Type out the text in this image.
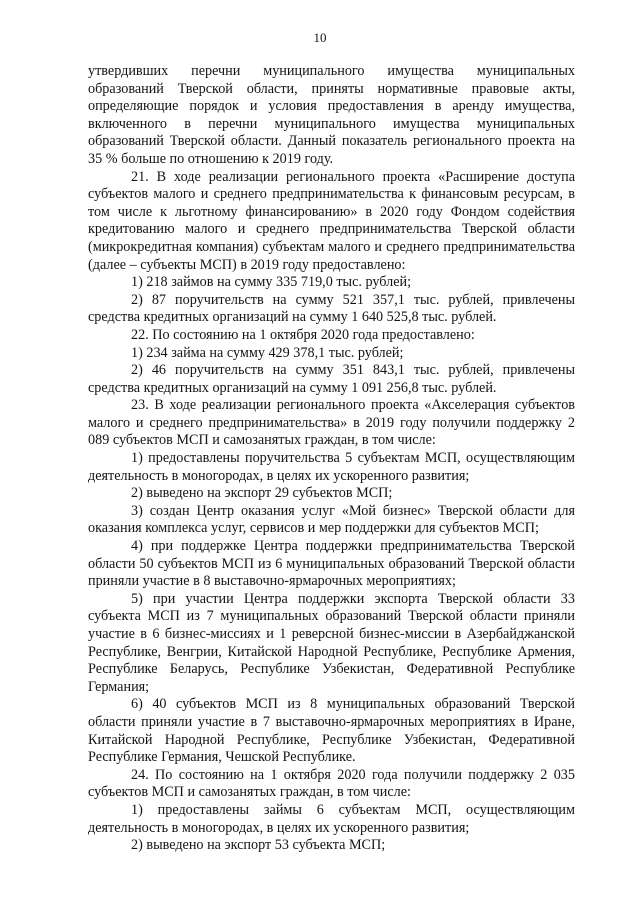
10

утвердивших перечни муниципального имущества муниципальных образований Тверской области, приняты нормативные правовые акты, определяющие порядок и условия предоставления в аренду имущества, включенного в перечни муниципального имущества муниципальных образований Тверской области. Данный показатель регионального проекта на 35 % больше по отношению к 2019 году.

21. В ходе реализации регионального проекта «Расширение доступа субъектов малого и среднего предпринимательства к финансовым ресурсам, в том числе к льготному финансированию» в 2020 году Фондом содействия кредитованию малого и среднего предпринимательства Тверской области (микрокредитная компания) субъектам малого и среднего предпринимательства (далее – субъекты МСП) в 2019 году предоставлено:

1) 218 займов на сумму 335 719,0 тыс. рублей;

2) 87 поручительств на сумму 521 357,1 тыс. рублей, привлечены средства кредитных организаций на сумму 1 640 525,8 тыс. рублей.

22. По состоянию на 1 октября 2020 года предоставлено:

1) 234 займа на сумму 429 378,1 тыс. рублей;

2) 46 поручительств на сумму 351 843,1 тыс. рублей, привлечены средства кредитных организаций на сумму 1 091 256,8 тыс. рублей.

23. В ходе реализации регионального проекта «Акселерация субъектов малого и среднего предпринимательства» в 2019 году получили поддержку 2 089 субъектов МСП и самозанятых граждан, в том числе:

1) предоставлены поручительства 5 субъектам МСП, осуществляющим деятельность в моногородах, в целях их ускоренного развития;

2) выведено на экспорт 29 субъектов МСП;

3) создан Центр оказания услуг «Мой бизнес» Тверской области для оказания комплекса услуг, сервисов и мер поддержки для субъектов МСП;

4) при поддержке Центра поддержки предпринимательства Тверской области 50 субъектов МСП из 6 муниципальных образований Тверской области приняли участие в 8 выставочно-ярмарочных мероприятиях;

5) при участии Центра поддержки экспорта Тверской области 33 субъекта МСП из 7 муниципальных образований Тверской области приняли участие в 6 бизнес-миссиях и 1 реверсной бизнес-миссии в Азербайджанской Республике, Венгрии, Китайской Народной Республике, Республике Армения, Республике Беларусь, Республике Узбекистан, Федеративной Республике Германия;

6) 40 субъектов МСП из 8 муниципальных образований Тверской области приняли участие в 7 выставочно-ярмарочных мероприятиях в Иране, Китайской Народной Республике, Республике Узбекистан, Федеративной Республике Германия, Чешской Республике.

24. По состоянию на 1 октября 2020 года получили поддержку 2 035 субъектов МСП и самозанятых граждан, в том числе:

1) предоставлены займы 6 субъектам МСП, осуществляющим деятельность в моногородах, в целях их ускоренного развития;

2) выведено на экспорт 53 субъекта МСП;
